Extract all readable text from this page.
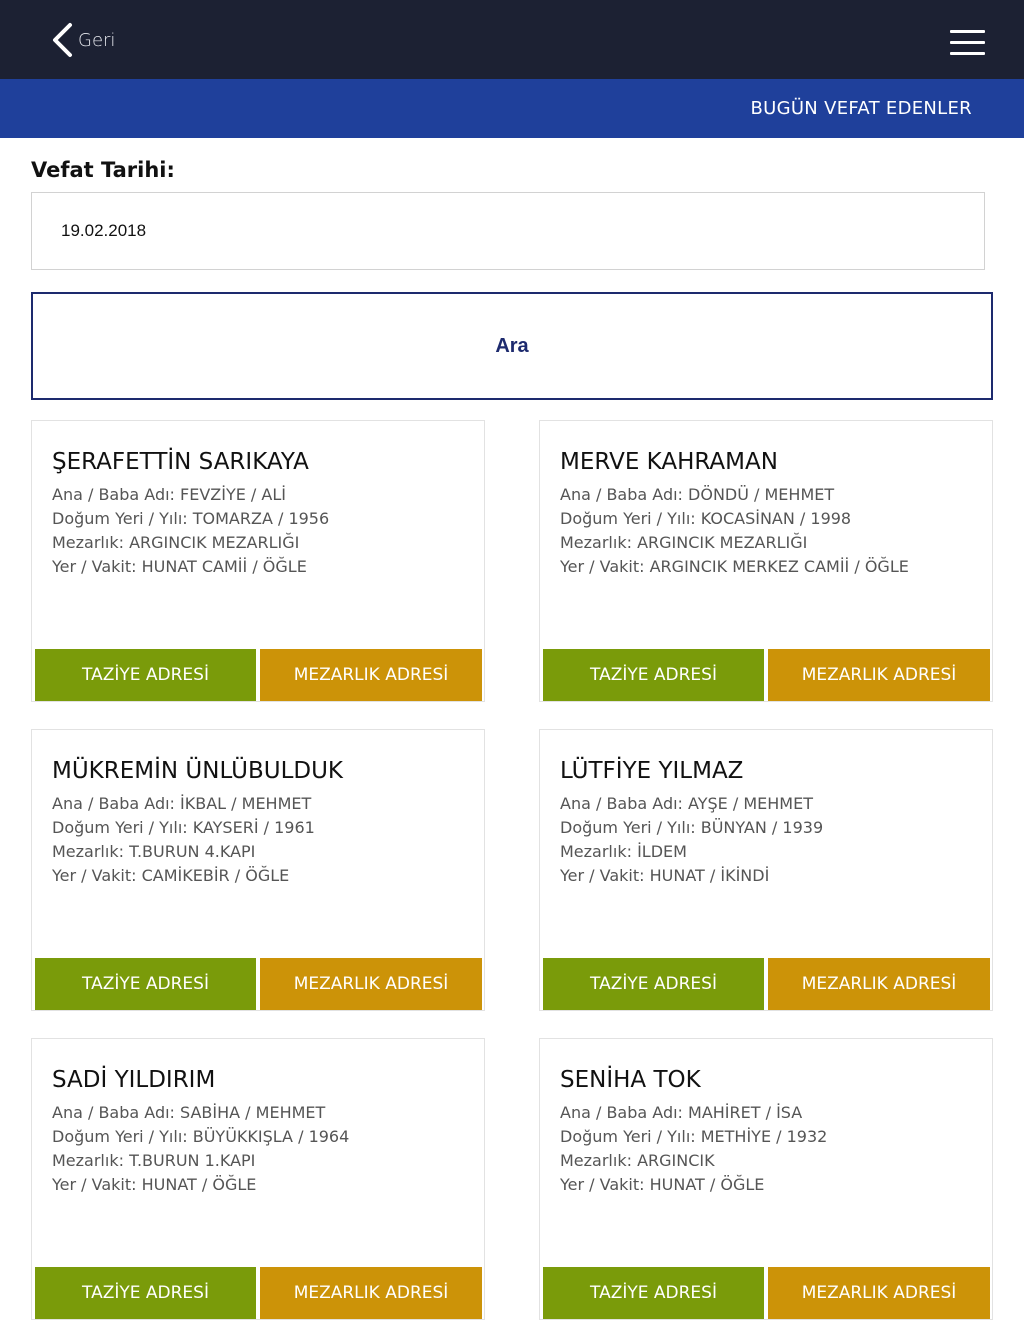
Geri
BUGÜN VEFAT EDENLER
Vefat Tarihi:
19.02.2018
Ara
ŞERAFETTİN SARIKAYA
Ana / Baba Adı: FEVZİYE / ALİ
Doğum Yeri / Yılı: TOMARZA / 1956
Mezarlık: ARGINCIK MEZARLIĞI
Yer / Vakit: HUNAT CAMİİ / ÖĞLE
TAZİYE ADRESİ	MEZARLIK ADRESİ
MERVE KAHRAMAN
Ana / Baba Adı: DÖNDÜ / MEHMET
Doğum Yeri / Yılı: KOCASİNAN / 1998
Mezarlık: ARGINCIK MEZARLIĞI
Yer / Vakit: ARGINCIK MERKEZ CAMİİ / ÖĞLE
TAZİYE ADRESİ	MEZARLIK ADRESİ
MÜKREMİN ÜNLÜBULDUK
Ana / Baba Adı: İKBAL / MEHMET
Doğum Yeri / Yılı: KAYSERİ / 1961
Mezarlık: T.BURUN 4.KAPI
Yer / Vakit: CAMİKEBİR / ÖĞLE
TAZİYE ADRESİ	MEZARLIK ADRESİ
LÜTFİYE YILMAZ
Ana / Baba Adı: AYŞE / MEHMET
Doğum Yeri / Yılı: BÜNYAN / 1939
Mezarlık: İLDEM
Yer / Vakit: HUNAT / İKİNDİ
TAZİYE ADRESİ	MEZARLIK ADRESİ
SADİ YILDIRIM
Ana / Baba Adı: SABİHA / MEHMET
Doğum Yeri / Yılı: BÜYÜKKIŞLA / 1964
Mezarlık: T.BURUN 1.KAPI
Yer / Vakit: HUNAT / ÖĞLE
TAZİYE ADRESİ	MEZARLIK ADRESİ
SENİHA TOK
Ana / Baba Adı: MAHİRET / İSA
Doğum Yeri / Yılı: METHİYE / 1932
Mezarlık: ARGINCIK
Yer / Vakit: HUNAT / ÖĞLE
TAZİYE ADRESİ	MEZARLIK ADRESİ
